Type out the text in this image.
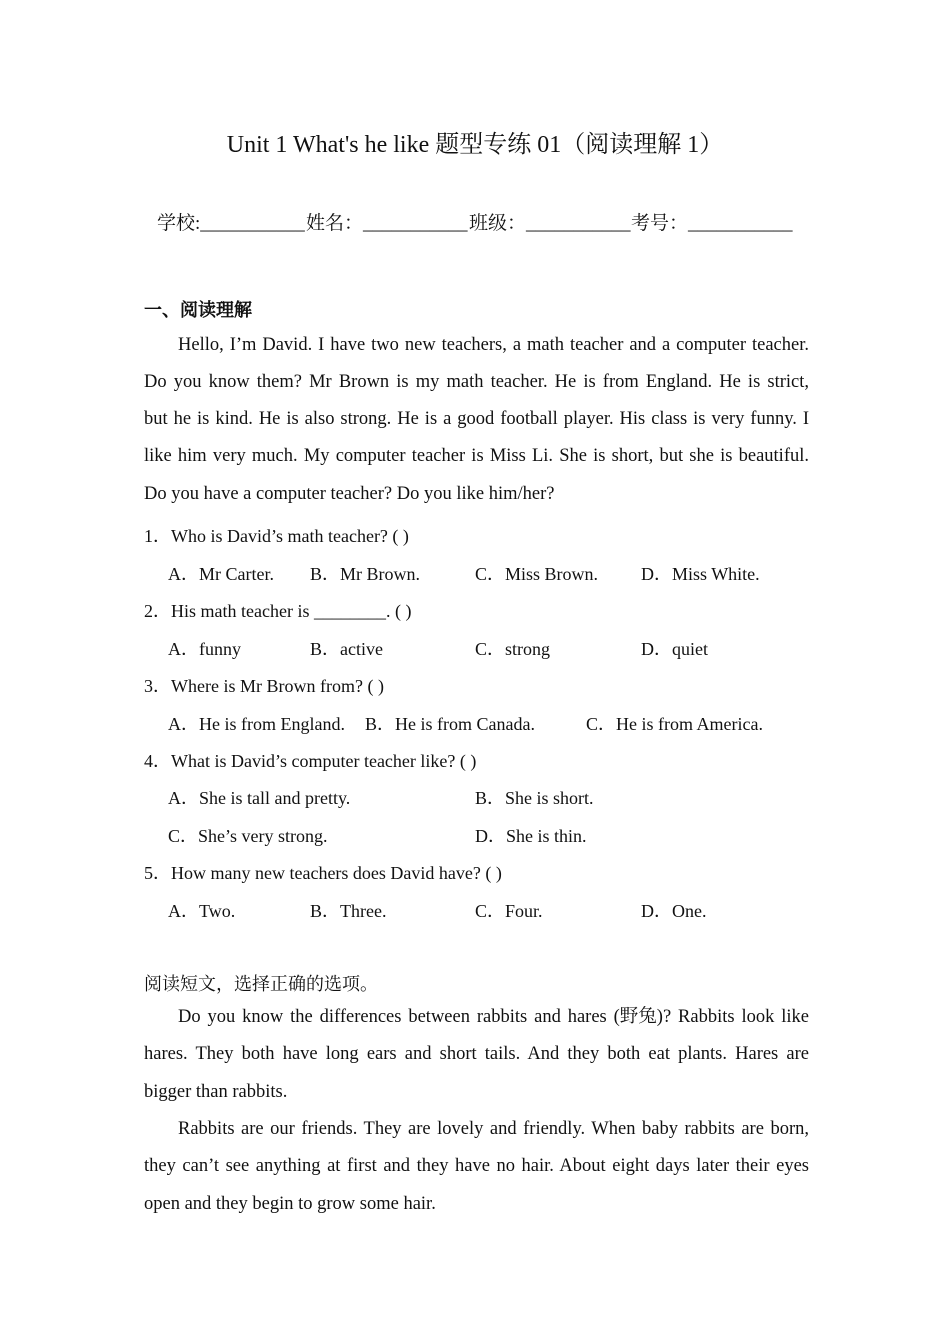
Unit 1 What's he like 题型专练 01（阅读理解 1）
学校:___________ 姓名：___________ 班级：___________ 考号：___________
一、阅读理解
Hello, I’m David. I have two new teachers, a math teacher and a computer teacher.
Do you know them? Mr Brown is my math teacher. He is from England. He is strict,
but he is kind. He is also strong. He is a good football player. His class is very funny. I
like him very much. My computer teacher is Miss Li. She is short, but she is beautiful.
Do you have a computer teacher? Do you like him/her?
1．Who is David’s math teacher? ( )
A．Mr Carter. B．Mr Brown.	C．Miss Brown. D．Miss White.
2．His math teacher is ________. ( )
A．funny	B．active	C．strong	D．quiet
3．Where is Mr Brown from? ( )
A．He is from England. B．He is from Canada.	C．He is from America.
4．What is David’s computer teacher like? ( )
A．She is tall and pretty.	B．She is short.
C．She’s very strong.	D．She is thin.
5．How many new teachers does David have? ( )
A．Two.	B．Three.	C．Four.	D．One.
阅读短文，选择正确的选项。
Do you know the differences between rabbits and hares (野兔)? Rabbits look like
hares. They both have long ears and short tails. And they both eat plants. Hares are
bigger than rabbits.
Rabbits are our friends. They are lovely and friendly. When baby rabbits are born,
they can’t see anything at first and they have no hair. About eight days later their eyes
open and they begin to grow some hair.
